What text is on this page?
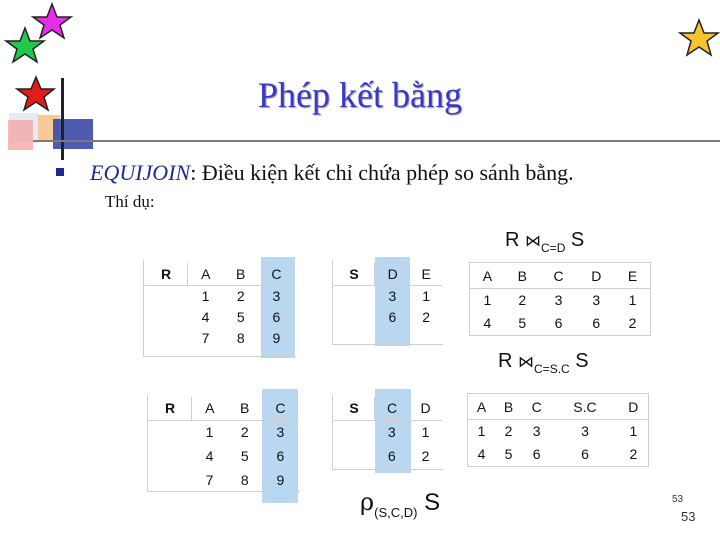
Phép kết bằng
EQUIJOIN: Điều kiện kết chỉ chứa phép so sánh bằng.
Thí dụ:
R $⋈_{C=D}$ S
R	A	B	C
	1	2	3
	4	5	6
	7	8	9
S	D	E
	3	1
	6	2
A	B	C	D	E
1	2	3	3	1
4	5	6	6	2
R $⋈_{C=S.C}$ S
R	A	B	C
	1	2	3
	4	5	6
	7	8	9
S	C	D
	3	1
	6	2
A	B	C	S.C	D
1	2	3	3	1
4	5	6	6	2
$\rho_{(S,C,D)}$ S	53
53
